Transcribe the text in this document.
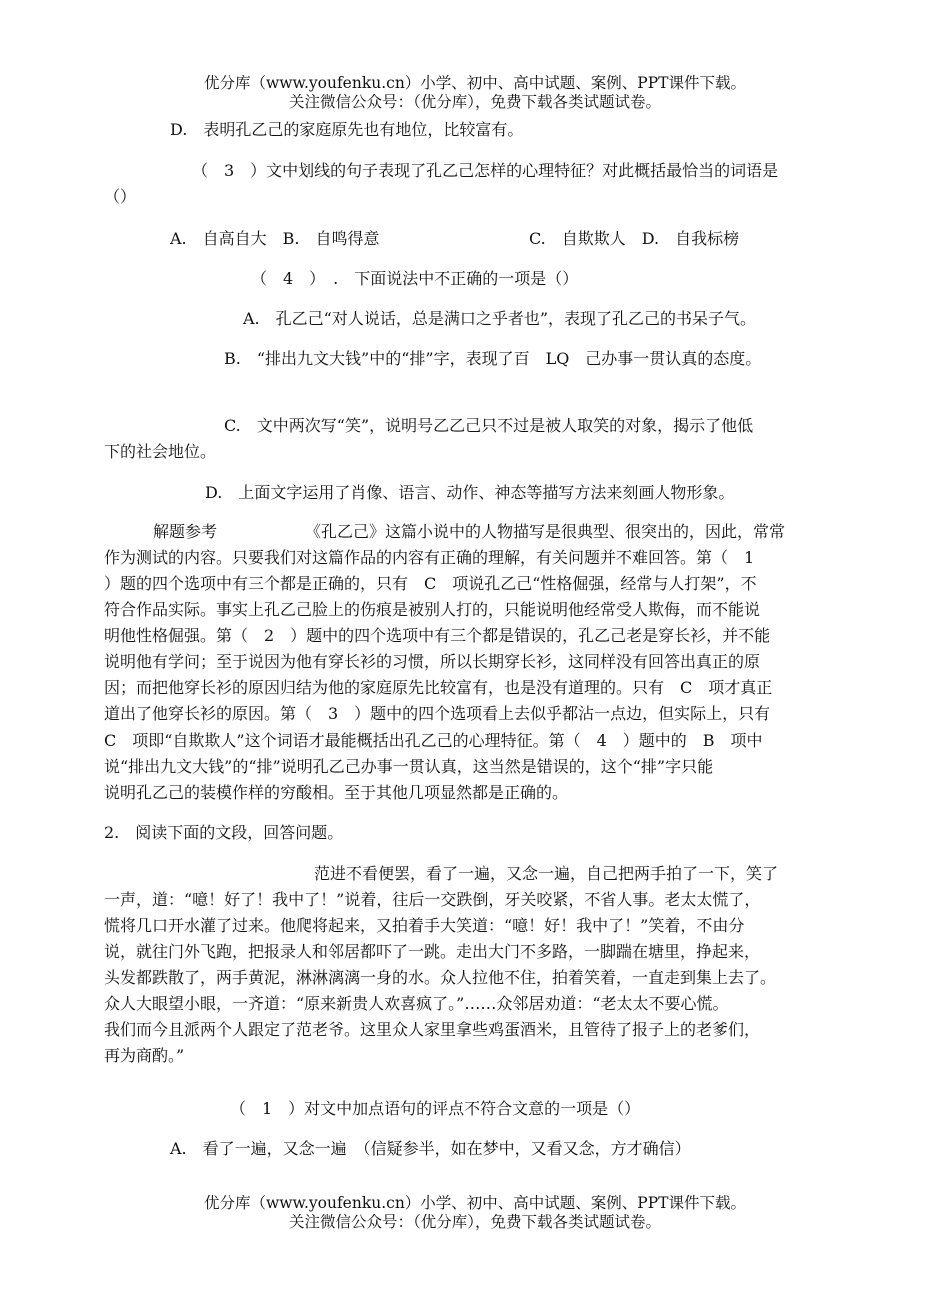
优分库（www.youfenku.cn）小学、初中、高中试题、案例、PPT课件下载。
关注微信公众号：（优分库），免费下载各类试题试卷。
D.　表明孔乙己的家庭原先也有地位，比较富有。
（　3　）文中划线的句子表现了孔乙己怎样的心理特征？对此概括最恰当的词语是
（）
A.　自高自大　B.　自鸣得意	C.　自欺欺人　D.　自我标榜
（　4　）　.　下面说法中不正确的一项是（）
A.　孔乙己“对人说话，总是满口之乎者也”，表现了孔乙己的书呆子气。
B.　“排出九文大钱”中的“排”字，表现了百　LQ　己办事一贯认真的态度。
C.　文中两次写“笑”，说明号乙乙己只不过是被人取笑的对象，揭示了他低
下的社会地位。
D.　上面文字运用了肖像、语言、动作、神态等描写方法来刻画人物形象。
解题参考	《孔乙己》这篇小说中的人物描写是很典型、很突出的，因此，常常
作为测试的内容。只要我们对这篇作品的内容有正确的理解，有关问题并不难回答。第（　1
）题的四个选项中有三个都是正确的，只有　C　项说孔乙己“性格倔强，经常与人打架”，不
符合作品实际。事实上孔乙己脸上的伤痕是被别人打的，只能说明他经常受人欺侮，而不能说
明他性格倔强。第（　2　）题中的四个选项中有三个都是错误的，孔乙己老是穿长衫，并不能
说明他有学问；至于说因为他有穿长衫的习惯，所以长期穿长衫，这同样没有回答出真正的原
因；而把他穿长衫的原因归结为他的家庭原先比较富有，也是没有道理的。只有　C　项才真正
道出了他穿长衫的原因。第（　3　）题中的四个选项看上去似乎都沾一点边，但实际上，只有
C　项即“自欺欺人”这个词语才最能概括出孔乙己的心理特征。第（　4　）题中的　B　项中
说“排出九文大钱”的“排”说明孔乙己办事一贯认真，这当然是错误的，这个“排”字只能
说明孔乙己的装模作样的穷酸相。至于其他几项显然都是正确的。
2.　阅读下面的文段，回答问题。
范进不看便罢，看了一遍，又念一遍，自己把两手拍了一下，笑了
一声，道：“噫！好了！我中了！”说着，往后一交跌倒，牙关咬紧，不省人事。老太太慌了，
慌将几口开水灌了过来。他爬将起来，又拍着手大笑道：“噫！好！我中了！”笑着，不由分
说，就往门外飞跑，把报录人和邻居都吓了一跳。走出大门不多路，一脚踹在塘里，挣起来，
头发都跌散了，两手黄泥，淋淋漓漓一身的水。众人拉他不住，拍着笑着，一直走到集上去了。
众人大眼望小眼，一齐道：“原来新贵人欢喜疯了。”……众邻居劝道：“老太太不要心慌。
我们而今且派两个人跟定了范老爷。这里众人家里拿些鸡蛋酒米，且管待了报子上的老爹们，
再为商酌。”
（　1　）对文中加点语句的评点不符合文意的一项是（）
A.　看了一遍，又念一遍　（信疑参半，如在梦中，又看又念，方才确信）
优分库（www.youfenku.cn）小学、初中、高中试题、案例、PPT课件下载。
关注微信公众号：（优分库），免费下载各类试题试卷。
